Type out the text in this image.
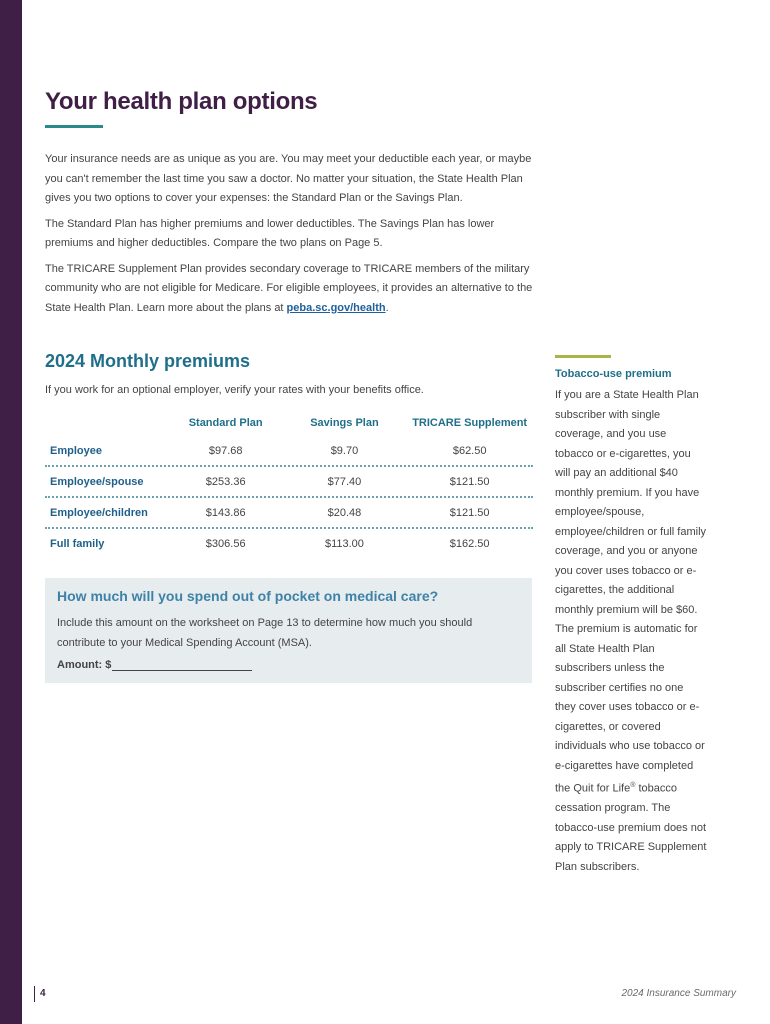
Your health plan options

Your insurance needs are as unique as you are. You may meet your deductible each year, or maybe you can't remember the last time you saw a doctor. No matter your situation, the State Health Plan gives you two options to cover your expenses: the Standard Plan or the Savings Plan.

The Standard Plan has higher premiums and lower deductibles. The Savings Plan has lower premiums and higher deductibles. Compare the two plans on Page 5.

The TRICARE Supplement Plan provides secondary coverage to TRICARE members of the military community who are not eligible for Medicare. For eligible employees, it provides an alternative to the State Health Plan. Learn more about the plans at peba.sc.gov/health.

2024 Monthly premiums
If you work for an optional employer, verify your rates with your benefits office.
Standard Plan	Savings Plan	TRICARE Supplement
Employee	$97.68	$9.70	$62.50
Employee/spouse	$253.36	$77.40	$121.50
Employee/children	$143.86	$20.48	$121.50
Full family	$306.56	$113.00	$162.50
How much will you spend out of pocket on medical care?
Include this amount on the worksheet on Page 13 to determine how much you should contribute to your Medical Spending Account (MSA).
Amount: $
Tobacco-use premium
If you are a State Health Plan subscriber with single coverage, and you use tobacco or e-cigarettes, you will pay an additional $40 monthly premium. If you have employee/spouse, employee/children or full family coverage, and you or anyone you cover uses tobacco or e-cigarettes, the additional monthly premium will be $60. The premium is automatic for all State Health Plan subscribers unless the subscriber certifies no one they cover uses tobacco or e-cigarettes, or covered individuals who use tobacco or e-cigarettes have completed the Quit for Life® tobacco cessation program. The tobacco-use premium does not apply to TRICARE Supplement Plan subscribers.
4	2024 Insurance Summary
